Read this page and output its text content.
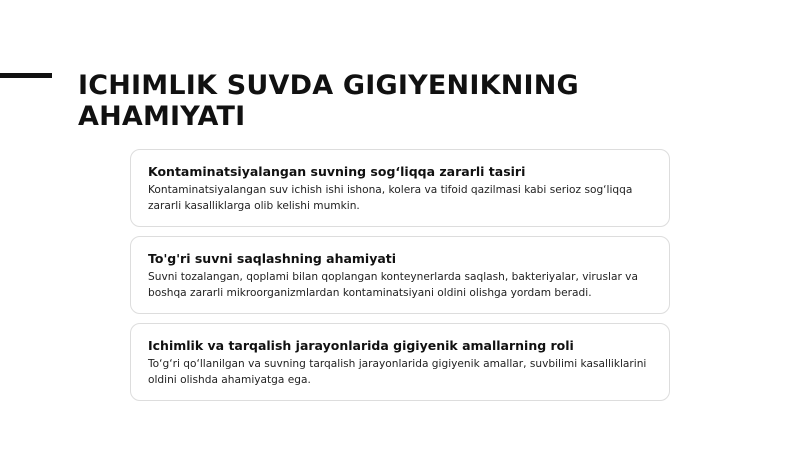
ICHIMLIK SUVDA GIGIYENIKNING AHAMIYATI
Kontaminatsiyalangan suvning sog‘liqqa zararli tasiri
Kontaminatsiyalangan suv ichish ishi ishona, kolera va tifoid qazilmasi kabi serioz sog‘liqqa zararli kasalliklarga olib kelishi mumkin.
To'g'ri suvni saqlashning ahamiyati
Suvni tozalangan, qoplami bilan qoplangan konteynerlarda saqlash, bakteriyalar, viruslar va boshqa zararli mikroorganizmlardan kontaminatsiyani oldini olishga yordam beradi.
Ichimlik va tarqalish jarayonlarida gigiyenik amallarning roli
To‘g‘ri qo‘llanilgan va suvning tarqalish jarayonlarida gigiyenik amallar, suvbilimi kasalliklarini oldini olishda ahamiyatga ega.
